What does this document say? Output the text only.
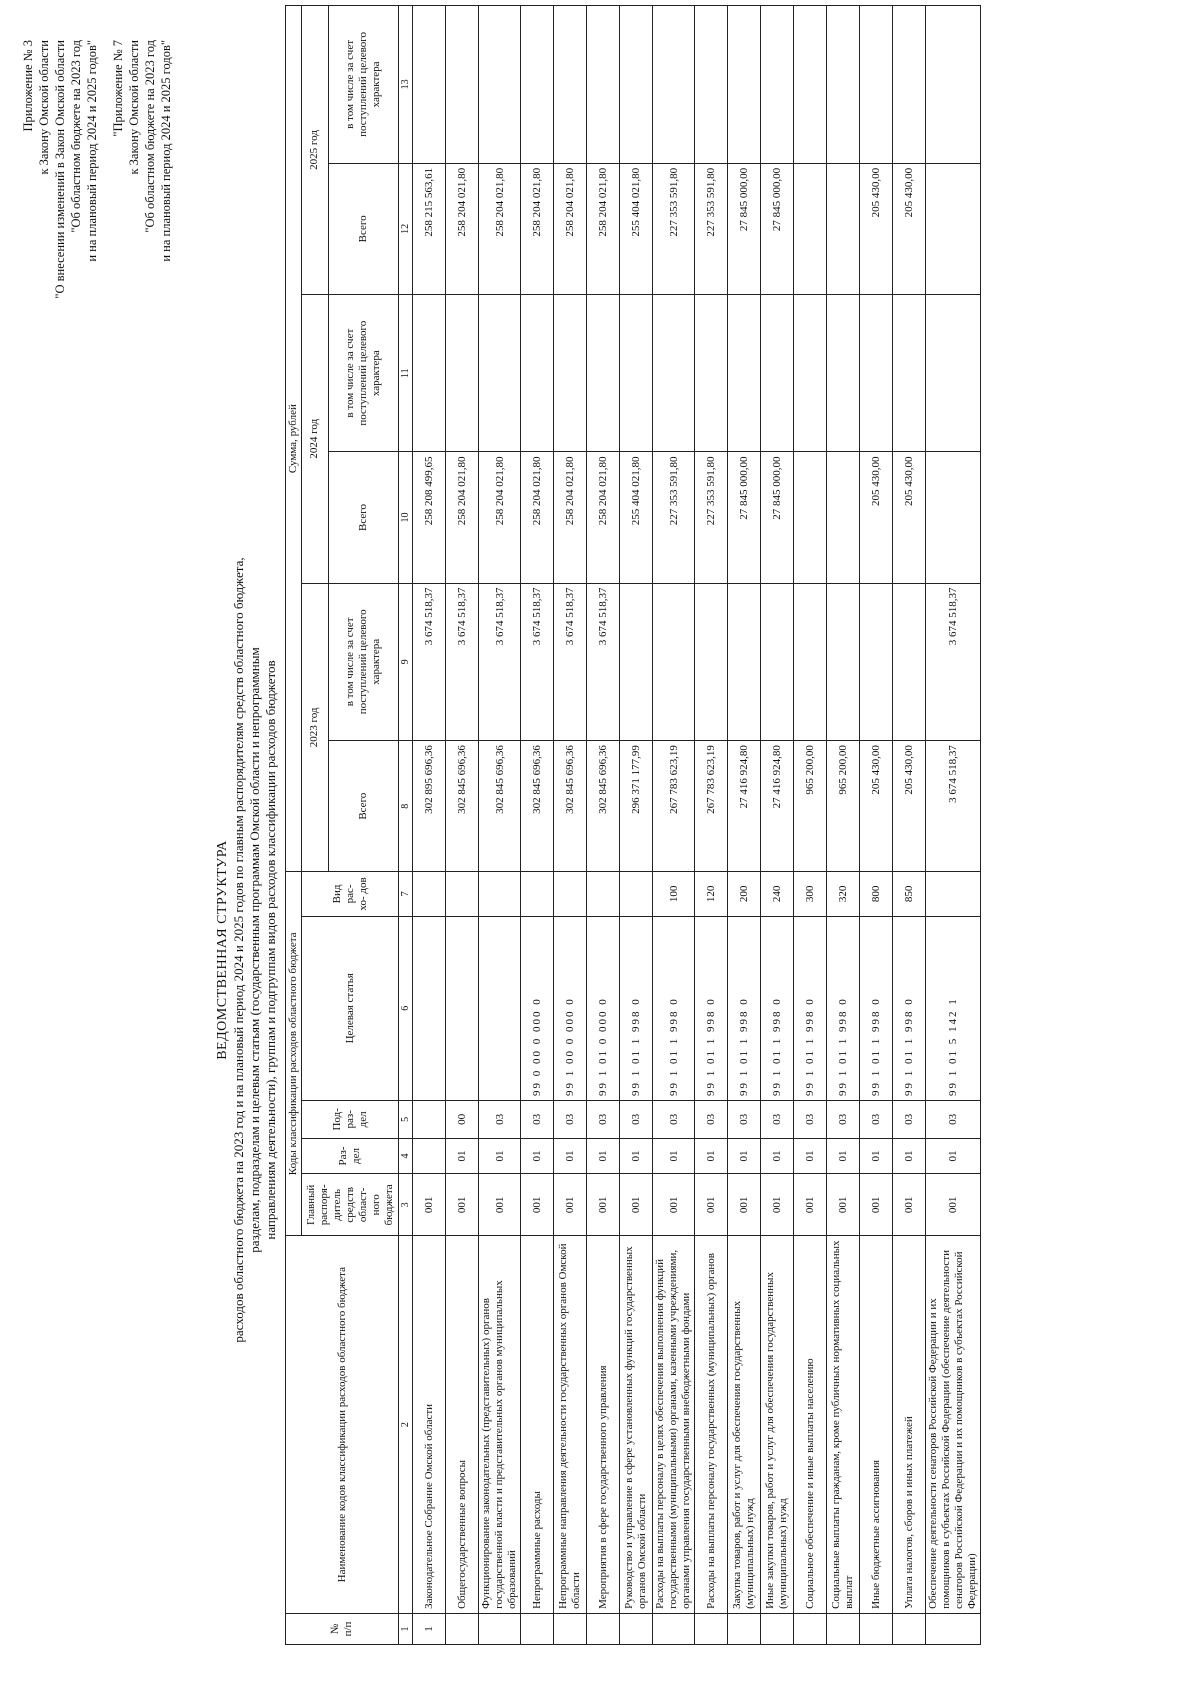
Приложение № 3 к Закону Омской области "О внесении изменений в Закон Омской области "Об областном бюджете на 2023 год и на плановый период 2024 и 2025 годов" "Приложение № 7 к Закону Омской области "Об областном бюджете на 2023 год и на плановый период 2024 и 2025 годов"
ВЕДОМСТВЕННАЯ СТРУКТУРА расходов областного бюджета на 2023 год и на плановый период 2024 и 2025 годов по главным распорядителям средств областного бюджета, разделам, подразделам и целевым статьям (государственным программам Омской области и непрограммным направлениям деятельности), группам и подгруппам видов расходов классификации расходов бюджетов
№ п/п	Наименование кодов классификации расходов областного бюджета	Коды классификации расходов областного бюджета					Сумма, рублей					
		Главный распоря- дитель средств област- ного бюджета	Раз- дел	Под- раз- дел	Целевая статья	Вид рас- хо- дов	2023 год		2024 год		2025 год	
							Всего	в том числе за счет поступлений целевого характера	Всего	в том числе за счет поступлений целевого характера	Всего	в том числе за счет поступлений целевого характера
1	2	3	4	5	6	7	8	9	10	11	12	13
1	Законодательное Собрание Омской области	001					302 895 696,36	3 674 518,37	258 208 499,65		258 215 563,61	
	Общегосударственные вопросы	001	01	00			302 845 696,36	3 674 518,37	258 204 021,80		258 204 021,80	
	Функционирование законодательных (представительных) органов государственной власти и представительных органов муниципальных образований	001	01	03			302 845 696,36	3 674 518,37	258 204 021,80		258 204 021,80	
	Непрограммные расходы	001	01	03	99 0 00 0 000 0		302 845 696,36	3 674 518,37	258 204 021,80		258 204 021,80	
	Непрограммные направления деятельности государственных органов Омской области	001	01	03	99 1 00 0 000 0		302 845 696,36	3 674 518,37	258 204 021,80		258 204 021,80	
	Мероприятия в сфере государственного управления	001	01	03	99 1 01 0 000 0		302 845 696,36	3 674 518,37	258 204 021,80		258 204 021,80	
	Руководство и управление в сфере установленных функций государственных органов Омской области	001	01	03	99 1 01 1 998 0		296 371 177,99		255 404 021,80		255 404 021,80	
	Расходы на выплаты персоналу в целях обеспечения выполнения функций государственными (муниципальными) органами, казенными учреждениями, органами управления государственными внебюджетными фондами	001	01	03	99 1 01 1 998 0	100	267 783 623,19		227 353 591,80		227 353 591,80	
	Расходы на выплаты персоналу государственных (муниципальных) органов	001	01	03	99 1 01 1 998 0	120	267 783 623,19		227 353 591,80		227 353 591,80	
	Закупка товаров, работ и услуг для обеспечения государственных (муниципальных) нужд	001	01	03	99 1 01 1 998 0	200	27 416 924,80		27 845 000,00		27 845 000,00	
	Иные закупки товаров, работ и услуг для обеспечения государственных (муниципальных) нужд	001	01	03	99 1 01 1 998 0	240	27 416 924,80		27 845 000,00		27 845 000,00	
	Социальное обеспечение и иные выплаты населению	001	01	03	99 1 01 1 998 0	300	965 200,00					
	Социальные выплаты гражданам, кроме публичных нормативных социальных выплат	001	01	03	99 1 01 1 998 0	320	965 200,00					
	Иные бюджетные ассигнования	001	01	03	99 1 01 1 998 0	800	205 430,00		205 430,00		205 430,00	
	Уплата налогов, сборов и иных платежей	001	01	03	99 1 01 1 998 0	850	205 430,00		205 430,00		205 430,00	
	Обеспечение деятельности сенаторов Российской Федерации и их помощников в субъектах Российской Федерации (обеспечение деятельности сенаторов Российской Федерации и их помощников в субъектах Российской Федерации)	001	01	03	99 1 01 5 142 1		3 674 518,37	3 674 518,37				
